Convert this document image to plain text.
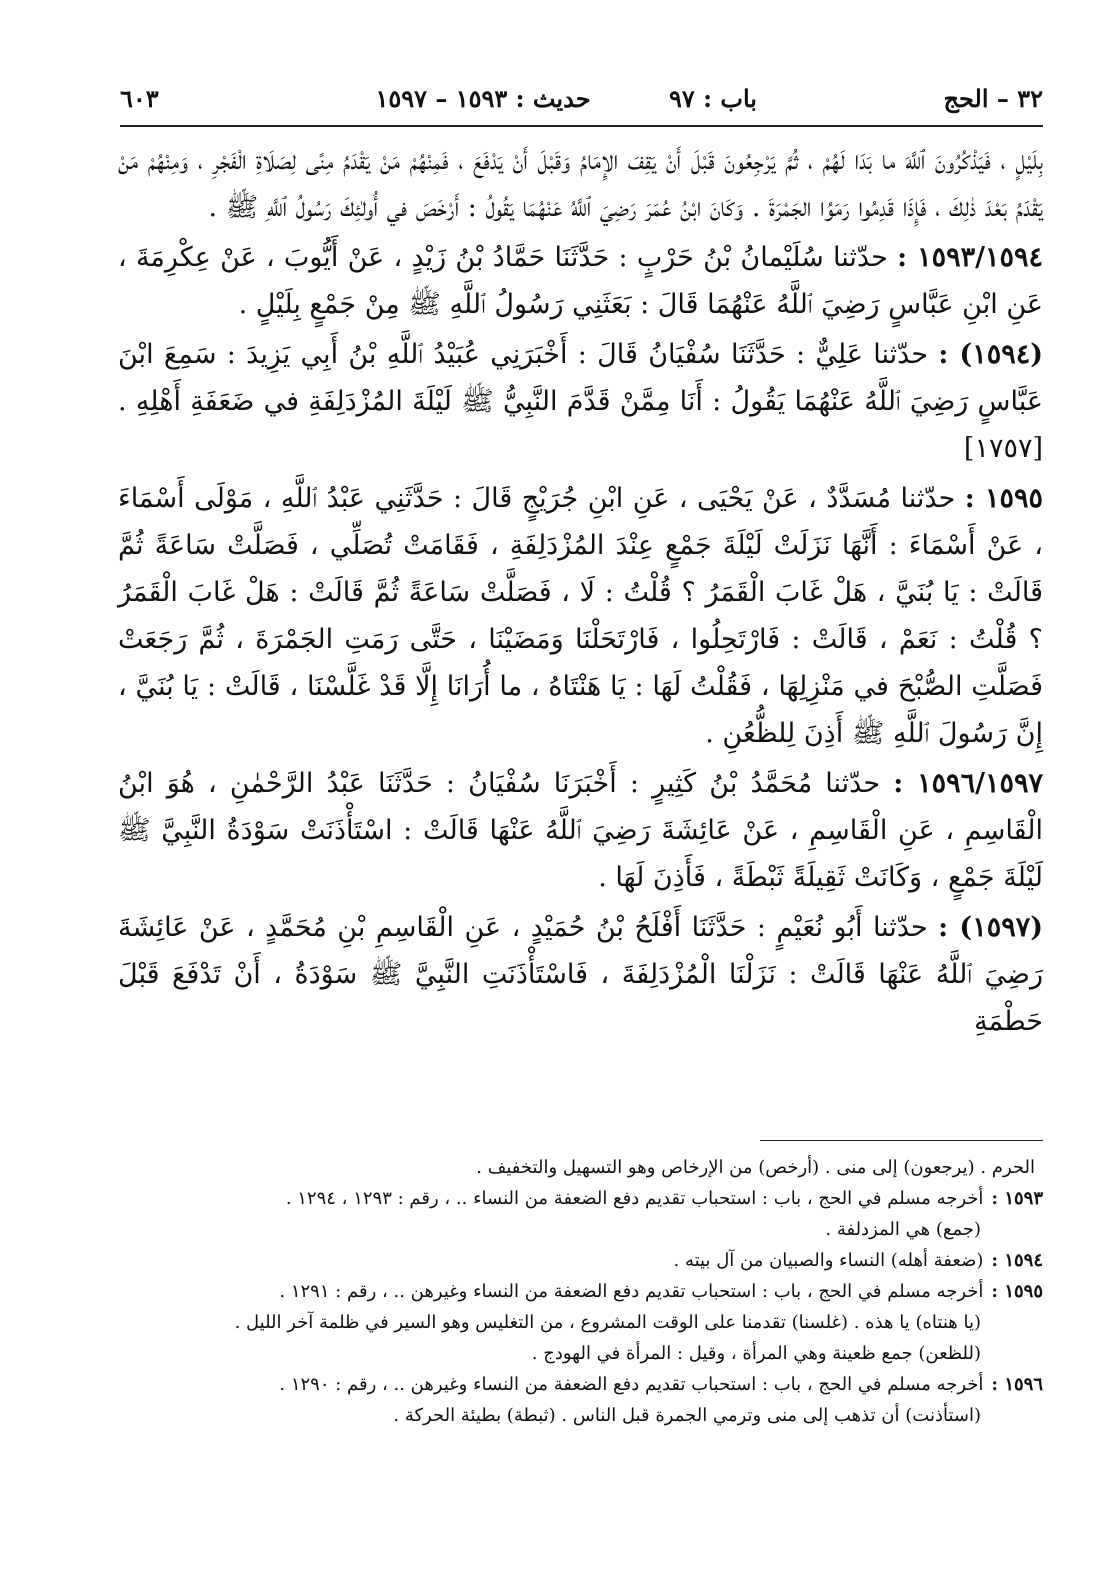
٣٢ – الحج
باب : ٩٧
حديث : ١٥٩٣ – ١٥٩٧
٦٠٣

بِلَيْلٍ ، فَيَذْكُرُونَ ٱللَّهَ ما بَدَا لَهُمْ ، ثُمَّ يَرْجِعُونَ قَبْلَ أَنْ يَقِفَ الإِمَامُ وَقَبْلَ أَنْ يَدْفَعَ ، فَمِنْهُمْ مَنْ يَقْدَمُ مِنًى لِصَلَاةِ الْفَجْرِ ، وَمِنْهُمْ مَنْ يَقْدَمُ بَعْدَ ذٰلِكَ ، فَإِذَا قَدِمُوا رَمَوُا الجَمْرَةَ . وَكَانَ ابْنُ عُمَرَ رَضِيَ ٱللَّهُ عَنْهُمَا يَقُولُ : أَرْخَصَ في أُولٰئِكَ رَسُولُ ٱللَّهِ ﷺ .

١٥٩٣/١٥٩٤ : حدّثنا سُلَيْمانُ بْنُ حَرْبٍ : حَدَّثَنَا حَمَّادُ بْنُ زَيْدٍ ، عَنْ أَيُّوبَ ، عَنْ عِكْرِمَةَ ، عَنِ ابْنِ عَبَّاسٍ رَضِيَ ٱللَّهُ عَنْهُمَا قَالَ : بَعَثَنِي رَسُولُ ٱللَّهِ ﷺ مِنْ جَمْعٍ بِلَيْلٍ .

(١٥٩٤) : حدّثنا عَلِيٌّ : حَدَّثَنَا سُفْيَانُ قَالَ : أَخْبَرَنِي عُبَيْدُ ٱللَّهِ بْنُ أَبِي يَزِيدَ : سَمِعَ ابْنَ عَبَّاسٍ رَضِيَ ٱللَّهُ عَنْهُمَا يَقُولُ : أَنَا مِمَّنْ قَدَّمَ النَّبِيُّ ﷺ لَيْلَةَ المُزْدَلِفَةِ في ضَعَفَةِ أَهْلِهِ . [١٧٥٧]

١٥٩٥ : حدّثنا مُسَدَّدٌ ، عَنْ يَحْيَى ، عَنِ ابْنِ جُرَيْجٍ قَالَ : حَدَّثَنِي عَبْدُ ٱللَّهِ ، مَوْلَى أَسْمَاءَ ، عَنْ أَسْمَاءَ : أَنَّهَا نَزَلَتْ لَيْلَةَ جَمْعٍ عِنْدَ المُزْدَلِفَةِ ، فَقَامَتْ تُصَلِّي ، فَصَلَّتْ سَاعَةً ثُمَّ قَالَتْ : يَا بُنَيَّ ، هَلْ غَابَ الْقَمَرُ ؟ قُلْتُ : لَا ، فَصَلَّتْ سَاعَةً ثُمَّ قَالَتْ : هَلْ غَابَ الْقَمَرُ ؟ قُلْتُ : نَعَمْ ، قَالَتْ : فَارْتَحِلُوا ، فَارْتَحَلْنَا وَمَضَيْنَا ، حَتَّى رَمَتِ الجَمْرَةَ ، ثُمَّ رَجَعَتْ فَصَلَّتِ الصُّبْحَ في مَنْزِلِهَا ، فَقُلْتُ لَهَا : يَا هَنْتَاهُ ، ما أُرَانَا إِلَّا قَدْ غَلَّسْنَا ، قَالَتْ : يَا بُنَيَّ ، إِنَّ رَسُولَ ٱللَّهِ ﷺ أَذِنَ لِلظُّعُنِ .

١٥٩٦/١٥٩٧ : حدّثنا مُحَمَّدُ بْنُ كَثِيرٍ : أَخْبَرَنَا سُفْيَانُ : حَدَّثَنَا عَبْدُ الرَّحْمٰنِ ، هُوَ ابْنُ الْقَاسِمِ ، عَنِ الْقَاسِمِ ، عَنْ عَائِشَةَ رَضِيَ ٱللَّهُ عَنْهَا قَالَتْ : اسْتَأْذَنَتْ سَوْدَةُ النَّبِيَّ ﷺ لَيْلَةَ جَمْعٍ ، وَكَانَتْ ثَقِيلَةً ثَبْطَةً ، فَأَذِنَ لَهَا .

(١٥٩٧) : حدّثنا أَبُو نُعَيْمٍ : حَدَّثَنَا أَفْلَحُ بْنُ حُمَيْدٍ ، عَنِ الْقَاسِمِ بْنِ مُحَمَّدٍ ، عَنْ عَائِشَةَ رَضِيَ ٱللَّهُ عَنْهَا قَالَتْ : نَزَلْنَا الْمُزْدَلِفَةَ ، فَاسْتَأْذَنَتِ النَّبِيَّ ﷺ سَوْدَةُ ، أَنْ تَدْفَعَ قَبْلَ حَطْمَةِ

الحرم . (يرجعون) إلى منى . (أرخص) من الإرخاص وهو التسهيل والتخفيف .

١٥٩٣ :
أخرجه مسلم في الحج ، باب : استحباب تقديم دفع الضعفة من النساء .. ، رقم : ١٢٩٣ ، ١٢٩٤ .

(جمع) هي المزدلفة .

١٥٩٤ :
(ضعفة أهله) النساء والصبيان من آل بيته .

١٥٩٥ :
أخرجه مسلم في الحج ، باب : استحباب تقديم دفع الضعفة من النساء وغيرهن .. ، رقم : ١٢٩١ .

(يا هنتاه) يا هذه . (غلسنا) تقدمنا على الوقت المشروع ، من التغليس وهو السير في ظلمة آخر الليل .

(للظعن) جمع ظعينة وهي المرأة ، وقيل : المرأة في الهودج .

١٥٩٦ :
أخرجه مسلم في الحج ، باب : استحباب تقديم دفع الضعفة من النساء وغيرهن .. ، رقم : ١٢٩٠ .

(استأذنت) أن تذهب إلى منى وترمي الجمرة قبل الناس . (ثبطة) بطيئة الحركة .
